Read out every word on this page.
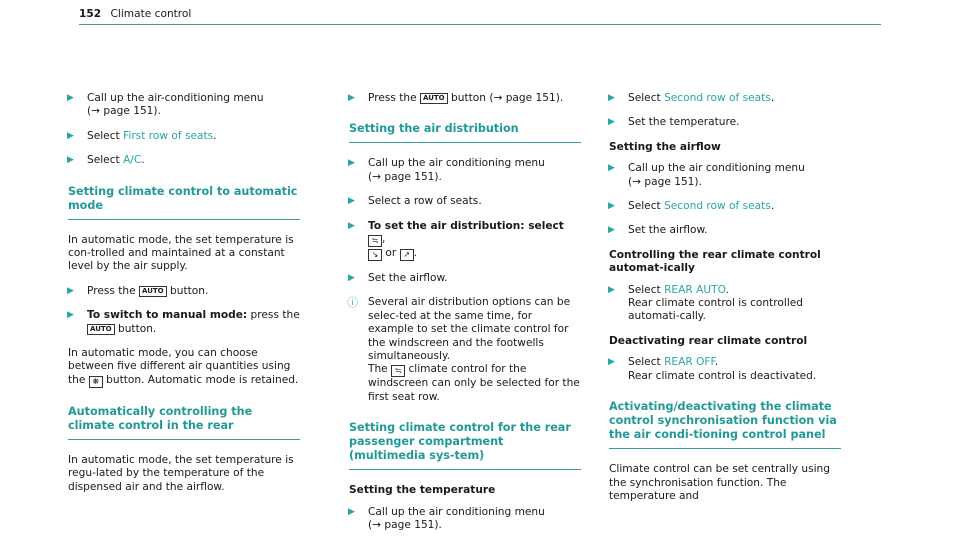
152 Climate control
▶ Call up the air-conditioning menu
(→ page 151).
▶ Select First row of seats.
▶ Select A/C.
Setting climate control to automatic mode
In automatic mode, the set temperature is con-trolled and maintained at a constant level by the air supply.
▶ Press the AUTO button.
▶ To switch to manual mode: press the AUTO button.
In automatic mode, you can choose between five different air quantities using the ❋ button. Automatic mode is retained.
Automatically controlling the climate control in the rear
In automatic mode, the set temperature is regu-lated by the temperature of the dispensed air and the airflow.
▶ Press the AUTO button (→ page 151).
Setting the air distribution
▶ Call up the air conditioning menu
(→ page 151).
▶ Select a row of seats.
▶ To set the air distribution: select ≒ ,
↘ or ↗ .
▶ Set the airflow.
ⓘ Several air distribution options can be selec-ted at the same time, for example to set the climate control for the windscreen and the footwells simultaneously.
The ≒ climate control for the windscreen can only be selected for the first seat row.
Setting climate control for the rear passenger compartment (multimedia sys-tem)
Setting the temperature
▶ Call up the air conditioning menu
(→ page 151).
▶ Select Second row of seats.
▶ Set the temperature.
Setting the airflow
▶ Call up the air conditioning menu
(→ page 151).
▶ Select Second row of seats.
▶ Set the airflow.
Controlling the rear climate control automat-ically
▶ Select REAR AUTO.
Rear climate control is controlled automati-cally.
Deactivating rear climate control
▶ Select REAR OFF.
Rear climate control is deactivated.
Activating/deactivating the climate control synchronisation function via the air condi-tioning control panel
Climate control can be set centrally using the synchronisation function. The temperature and
